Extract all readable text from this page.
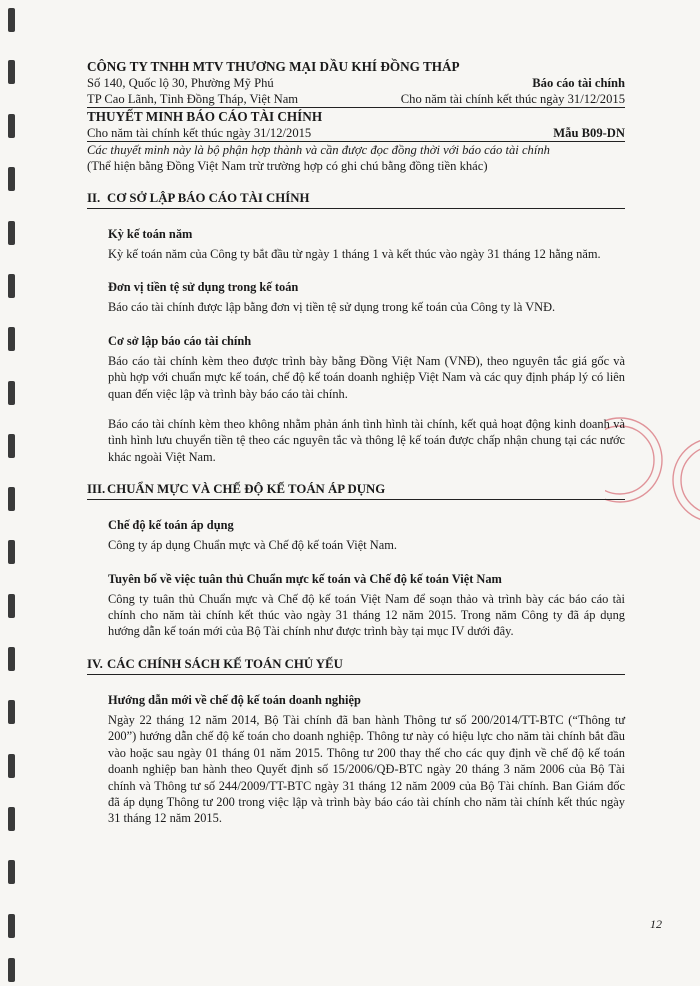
CÔNG TY TNHH MTV THƯƠNG MẠI DẦU KHÍ ĐỒNG THÁP
Số 140, Quốc lộ 30, Phường Mỹ Phú	Báo cáo tài chính
TP Cao Lãnh, Tỉnh Đồng Tháp, Việt Nam	Cho năm tài chính kết thúc ngày 31/12/2015
THUYẾT MINH BÁO CÁO TÀI CHÍNH
Cho năm tài chính kết thúc ngày 31/12/2015	Mẫu B09-DN
Các thuyết minh này là bộ phận hợp thành và cần được đọc đồng thời với báo cáo tài chính
(Thể hiện bằng Đồng Việt Nam trừ trường hợp có ghi chú bằng đồng tiền khác)
II. CƠ SỞ LẬP BÁO CÁO TÀI CHÍNH
Kỳ kế toán năm
Kỳ kế toán năm của Công ty bắt đầu từ ngày 1 tháng 1 và kết thúc vào ngày 31 tháng 12 hằng năm.
Đơn vị tiền tệ sử dụng trong kế toán
Báo cáo tài chính được lập bằng đơn vị tiền tệ sử dụng trong kế toán của Công ty là VNĐ.
Cơ sở lập báo cáo tài chính
Báo cáo tài chính kèm theo được trình bày bằng Đồng Việt Nam (VNĐ), theo nguyên tắc giá gốc và phù hợp với chuẩn mực kế toán, chế độ kế toán doanh nghiệp Việt Nam và các quy định pháp lý có liên quan đến việc lập và trình bày báo cáo tài chính.
Báo cáo tài chính kèm theo không nhằm phản ánh tình hình tài chính, kết quả hoạt động kinh doanh và tình hình lưu chuyển tiền tệ theo các nguyên tắc và thông lệ kế toán được chấp nhận chung tại các nước khác ngoài Việt Nam.
III. CHUẨN MỰC VÀ CHẾ ĐỘ KẾ TOÁN ÁP DỤNG
Chế độ kế toán áp dụng
Công ty áp dụng Chuẩn mực và Chế độ kế toán Việt Nam.
Tuyên bố về việc tuân thủ Chuẩn mực kế toán và Chế độ kế toán Việt Nam
Công ty tuân thủ Chuẩn mực và Chế độ kế toán Việt Nam để soạn thảo và trình bày các báo cáo tài chính cho năm tài chính kết thúc vào ngày 31 tháng 12 năm 2015. Trong năm Công ty đã áp dụng hướng dẫn kế toán mới của Bộ Tài chính như được trình bày tại mục IV dưới đây.
IV. CÁC CHÍNH SÁCH KẾ TOÁN CHỦ YẾU
Hướng dẫn mới về chế độ kế toán doanh nghiệp
Ngày 22 tháng 12 năm 2014, Bộ Tài chính đã ban hành Thông tư số 200/2014/TT-BTC (“Thông tư 200”) hướng dẫn chế độ kế toán cho doanh nghiệp. Thông tư này có hiệu lực cho năm tài chính bắt đầu vào hoặc sau ngày 01 tháng 01 năm 2015. Thông tư 200 thay thế cho các quy định về chế độ kế toán doanh nghiệp ban hành theo Quyết định số 15/2006/QĐ-BTC ngày 20 tháng 3 năm 2006 của Bộ Tài chính và Thông tư số 244/2009/TT-BTC ngày 31 tháng 12 năm 2009 của Bộ Tài chính. Ban Giám đốc đã áp dụng Thông tư 200 trong việc lập và trình bày báo cáo tài chính cho năm tài chính kết thúc ngày 31 tháng 12 năm 2015.
12
